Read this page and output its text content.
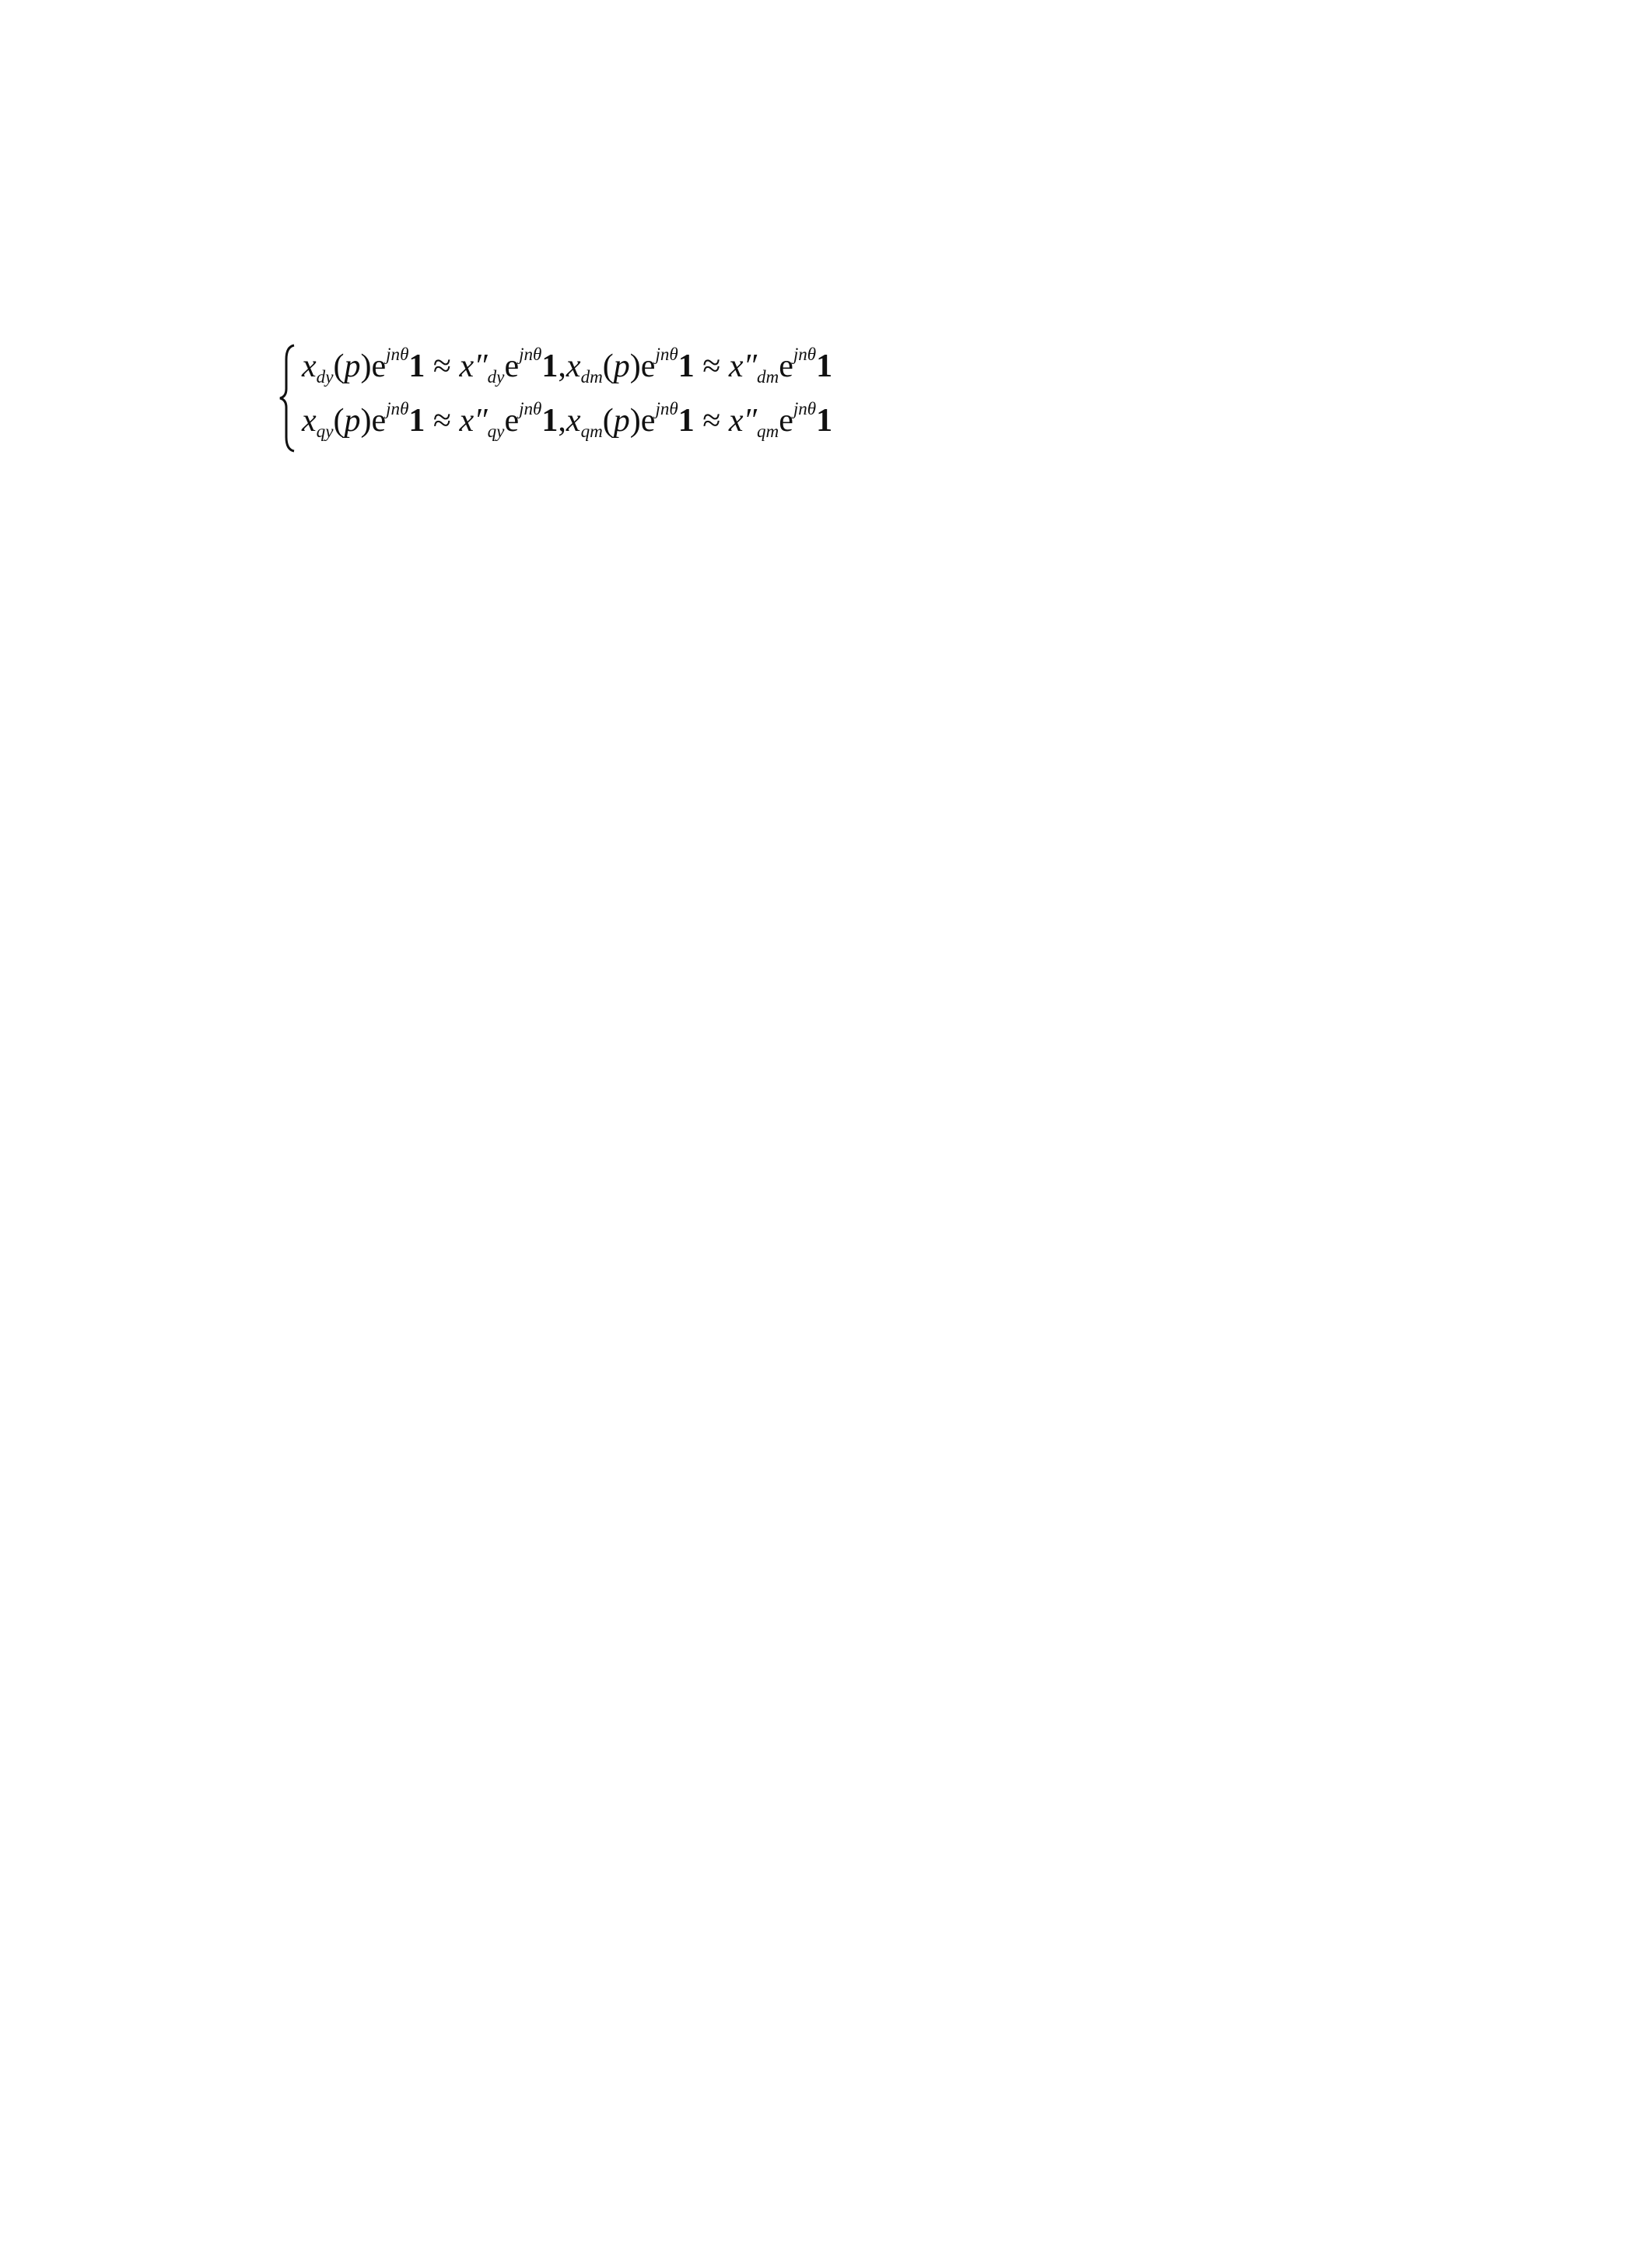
$x_{dy}(p)e^{jn\theta}1 \approx x''_{dy}e^{jn\theta}1,x_{dm}(p)e^{jn\theta}1 \approx x''_{dm}e^{jn\theta}1$
$x_{qy}(p)e^{jn\theta}1 \approx x''_{qy}e^{jn\theta}1,x_{qm}(p)e^{jn\theta}1 \approx x''_{qm}e^{jn\theta}1$
